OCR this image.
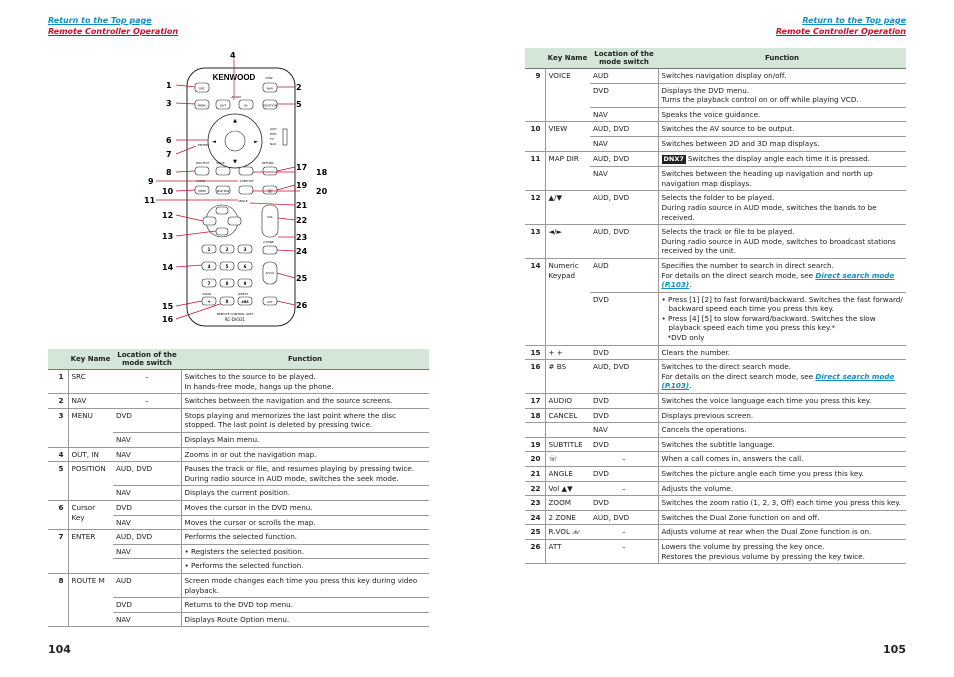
Return to the Top page
Remote Controller Operation
Return to the Top page
Remote Controller Operation
KENWOOD
SRC
DISP
NAV
ZOOM
MENU	OUT	IN	POSITION
▲
▼
◄	►
ENTER
AUD
DVD
TV
NAV
ROUTE M	VOICE	RETURN
AUDIO	SUBTITLE
VIEW	MAP DIR	☏
ANGLE
VOL
2 ZONE
1	2	3
4	5	6
7	8	9
CLEAR	DIRECT
+	0	#BS
R.VOL
ATT
REMOTE CONTROL UNIT
RC-DV331
1	2
3
4
5
6
7
8
9
10
11
12
13
14
15
16
17
18
19
20
21
22
23
24
25
26
	Key Name	Location of the mode switch	Function
1	SRC	–	Switches to the source to be played.
In hands-free mode, hangs up the phone.

2	NAV	–	Switches between the navigation and the source screens.

3	MENU	DVD	Stops playing and memorizes the last point where the disc stopped. The last point is deleted by pressing twice.

		NAV	Displays Main menu.

4	OUT, IN	NAV	Zooms in or out the navigation map.

5	POSITION	AUD, DVD	Pauses the track or file, and resumes playing by pressing twice.
During radio source in AUD mode, switches the seek mode.

		NAV	Displays the current position.

6	Cursor Key	DVD	Moves the cursor in the DVD menu.

		NAV	Moves the cursor or scrolls the map.

7	ENTER	AUD, DVD	Performs the selected function.

		NAV	• Registers the selected position.

			• Performs the selected function.

8	ROUTE M	AUD	Screen mode changes each time you press this key during video playback.

		DVD	Returns to the DVD top menu.

		NAV	Displays Route Option menu.
	Key Name	Location of the mode switch	Function
9	VOICE	AUD	Switches navigation display on/off.
		DVD	Displays the DVD menu.
Turns the playback control on or off while playing VCD.

		NAV	Speaks the voice guidance.
10	VIEW	AUD, DVD	Switches the AV source to be output.
		NAV	Switches between 2D and 3D map displays.
11	MAP DIR	AUD, DVD	DNX7 Switches the display angle each time it is pressed.
		NAV	Switches between the heading up navigation and north up navigation map displays.
12	▲/▼	AUD, DVD	Selects the folder to be played.
During radio source in AUD mode, switches the bands to be received.

13	◄/►	AUD, DVD	Selects the track or file to be played.
During radio source in AUD mode, switches to broadcast stations received by the unit.

14	Numeric Keypad	AUD	Specifies the number to search in direct search.
For details on the direct search mode, see Direct search mode (P.103).

		DVD	• Press [1] [2] to fast forward/backward. Switches the fast forward/ backward speed each time you press this key.
• Press [4] [5] to slow forward/backward. Switches the slow playback speed each time you press this key.*
*DVD only

15	+ +	DVD	Clears the number.
16	# BS	AUD, DVD	Switches to the direct search mode.
For details on the direct search mode, see Direct search mode (P.103).

17	AUDIO	DVD	Switches the voice language each time you press this key.
18	CANCEL	DVD	Displays previous screen.
		NAV	Cancels the operations.
19	SUBTITLE	DVD	Switches the subtitle language.
20	☏	–	When a call comes in, answers the call.
21	ANGLE	DVD	Switches the picture angle each time you press this key.
22	Vol ▲▼	–	Adjusts the volume.
23	ZOOM	DVD	Switches the zoom ratio (1, 2, 3, Off) each time you press this key.
24	2 ZONE	AUD, DVD	Switches the Dual Zone function on and off.
25	R.VOL ⩘⩗	–	Adjusts volume at rear when the Dual Zone function is on.
26	ATT	–	Lowers the volume by pressing the key once.
Restores the previous volume by pressing the key twice.
104	105
